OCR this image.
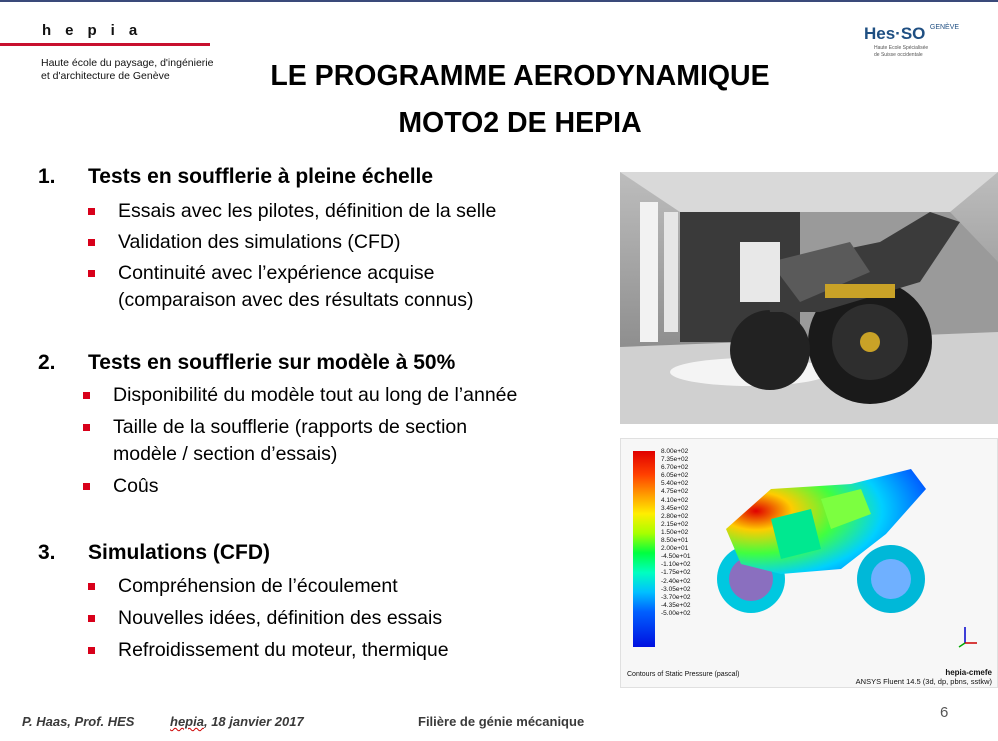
hepia
Haute école du paysage, d'ingénierie
et d'architecture de Genève
Hes·SO $^{GENÈVE}$
Haute Ecole Spécialisée
de Suisse occidentale
LE PROGRAMME AERODYNAMIQUE
MOTO2 DE HEPIA
1. Tests en soufflerie à pleine échelle
Essais avec les pilotes, définition de la selle
Validation des simulations (CFD)
Continuité avec l’expérience acquise
(comparaison avec des résultats connus)
2. Tests en soufflerie sur modèle à 50%
Disponibilité du modèle tout au long de l’année
Taille de la soufflerie (rapports de section
modèle / section d’essais)
Coûs
3. Simulations (CFD)
Compréhension de l’écoulement
Nouvelles idées, définition des essais
Refroidissement du moteur, thermique
8.00e+02
7.35e+02
6.70e+02
6.05e+02
5.40e+02
4.75e+02
4.10e+02
3.45e+02
2.80e+02
2.15e+02
1.50e+02
8.50e+01
2.00e+01
-4.50e+01
-1.10e+02
-1.75e+02
-2.40e+02
-3.05e+02
-3.70e+02
-4.35e+02
-5.00e+02
Contours of Static Pressure (pascal)	hepia-cmefe
ANSYS Fluent 14.5 (3d, dp, pbns, sstkw)
P. Haas, Prof. HES	hepia, 18 janvier 2017	Filière de génie mécanique
6
